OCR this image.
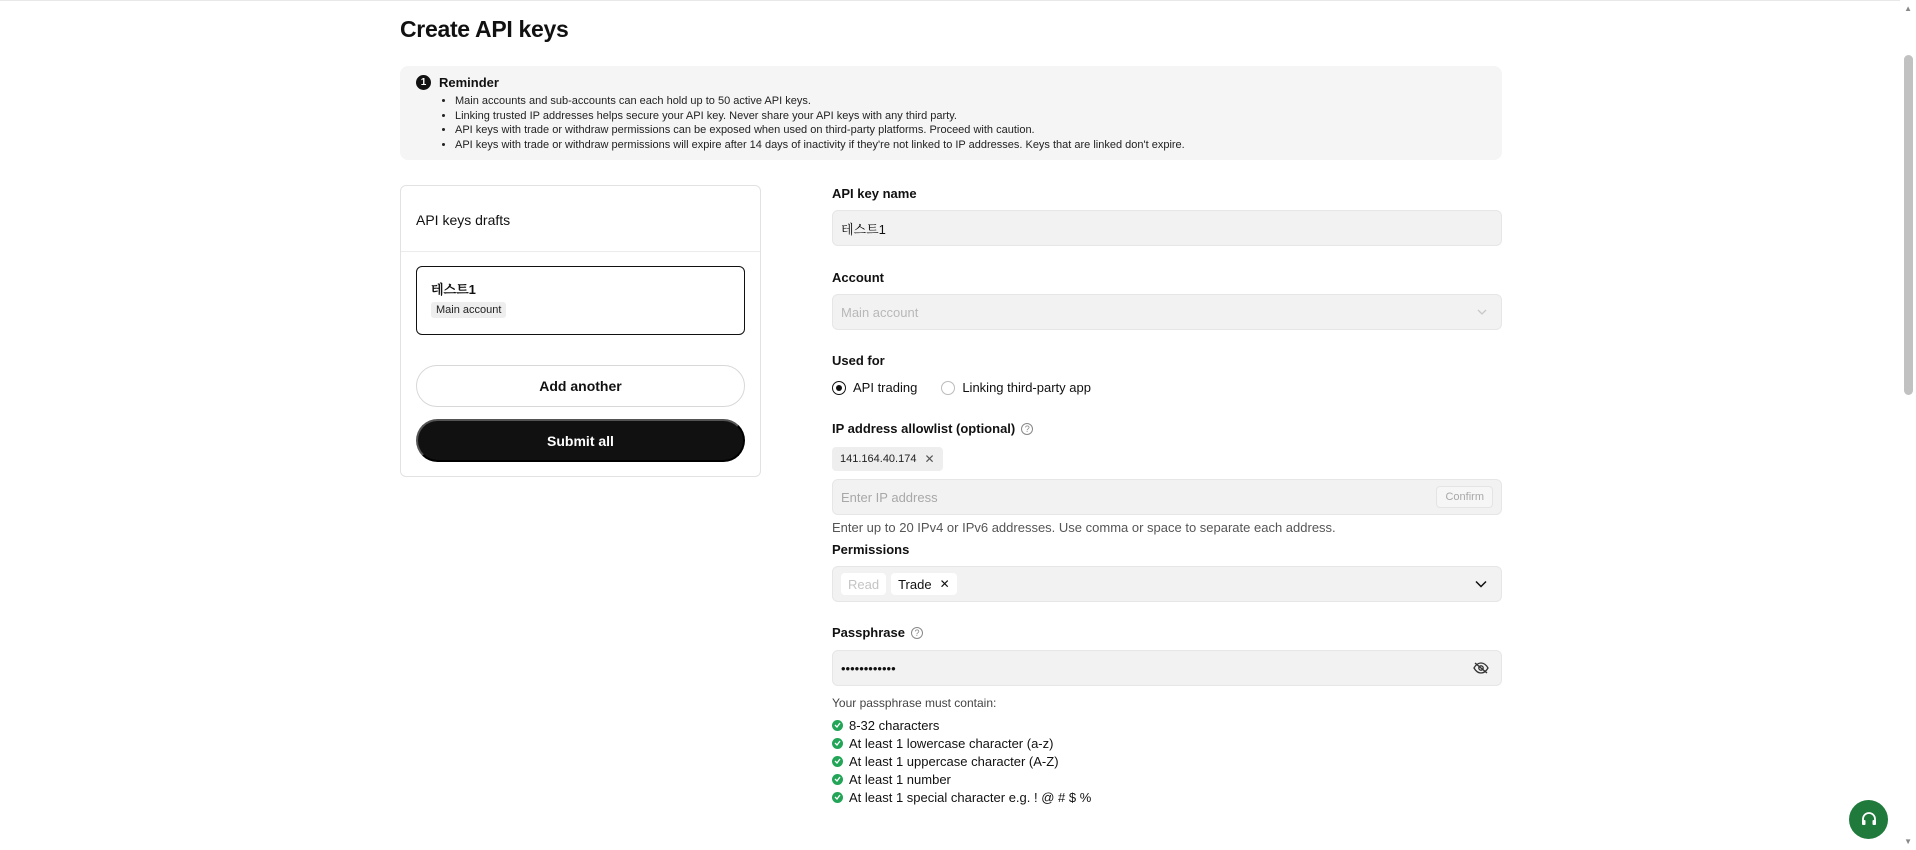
Create API keys
1 Reminder
• Main accounts and sub-accounts can each hold up to 50 active API keys.
• Linking trusted IP addresses helps secure your API key. Never share your API keys with any third party.
• API keys with trade or withdraw permissions can be exposed when used on third-party platforms. Proceed with caution.
• API keys with trade or withdraw permissions will expire after 14 days of inactivity if they're not linked to IP addresses. Keys that are linked don't expire.
API keys drafts
테스트1
Main account
Add another
Submit all
API key name
테스트1
Account
Main account
Used for
API trading	Linking third-party app
IP address allowlist (optional)	?
141.164.40.174 ✕
Enter IP address
Confirm
Enter up to 20 IPv4 or IPv6 addresses. Use comma or space to separate each address.
Permissions
Read	Trade ✕
Passphrase	?
••••••••••••
Your passphrase must contain:
8-32 characters
At least 1 lowercase character (a-z)
At least 1 uppercase character (A-Z)
At least 1 number
At least 1 special character e.g. ! @ # $ %
▲
▼
